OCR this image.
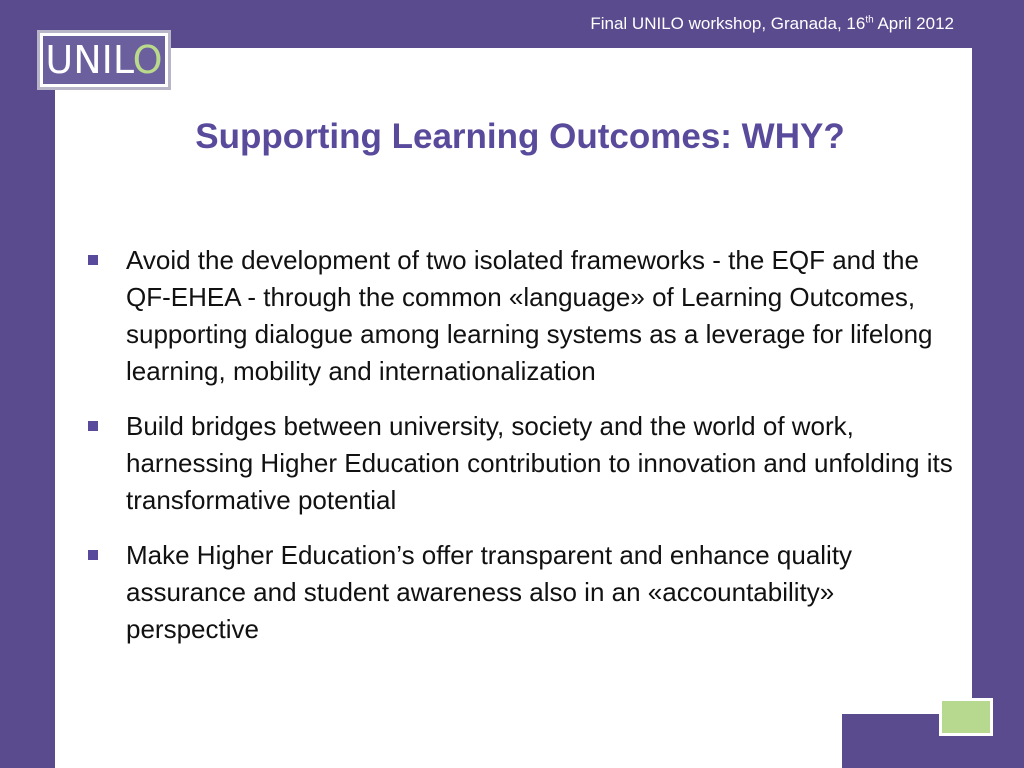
Final UNILO workshop, Granada, 16th April 2012
UNILO
Supporting Learning Outcomes: WHY?
Avoid the development of two isolated frameworks - the EQF and the QF-EHEA - through the common «language» of Learning Outcomes, supporting dialogue among learning systems as a leverage for lifelong learning, mobility and internationalization
Build bridges between university, society and the world of work, harnessing Higher Education contribution to innovation and unfolding its transformative potential
Make Higher Education’s offer transparent and enhance quality assurance and student awareness also in an «accountability» perspective
